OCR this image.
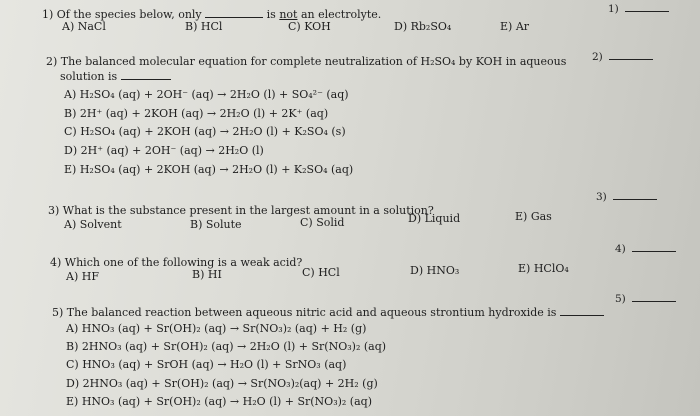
1) Of the species below, only	is not an electrolyte.
A) NaCl	B) HCl	C) KOH	D) Rb₂SO₄	E) Ar
1)
2) The balanced molecular equation for complete neutralization of H₂SO₄ by KOH in aqueous
solution is
A) H₂SO₄ (aq) + 2OH⁻ (aq) → 2H₂O (l) + SO₄²⁻ (aq)
B) 2H⁺ (aq) + 2KOH (aq) → 2H₂O (l) + 2K⁺ (aq)
C) H₂SO₄ (aq) + 2KOH (aq) → 2H₂O (l) + K₂SO₄ (s)
D) 2H⁺ (aq) + 2OH⁻ (aq) → 2H₂O (l)
E) H₂SO₄ (aq) + 2KOH (aq) → 2H₂O (l) + K₂SO₄ (aq)
2)
3) What is the substance present in the largest amount in a solution?
A) Solvent	B) Solute	C) Solid	D) Liquid	E) Gas
3)
4) Which one of the following is a weak acid?
A) HF	B) HI	C) HCl	D) HNO₃	E) HClO₄
4)
5) The balanced reaction between aqueous nitric acid and aqueous strontium hydroxide is
A) HNO₃ (aq) + Sr(OH)₂ (aq) → Sr(NO₃)₂ (aq) + H₂ (g)
B) 2HNO₃ (aq) + Sr(OH)₂ (aq) → 2H₂O (l) + Sr(NO₃)₂ (aq)
C) HNO₃ (aq) + SrOH (aq) → H₂O (l) + SrNO₃ (aq)
D) 2HNO₃ (aq) + Sr(OH)₂ (aq) → Sr(NO₃)₂(aq) + 2H₂ (g)
E) HNO₃ (aq) + Sr(OH)₂ (aq) → H₂O (l) + Sr(NO₃)₂ (aq)
5)
